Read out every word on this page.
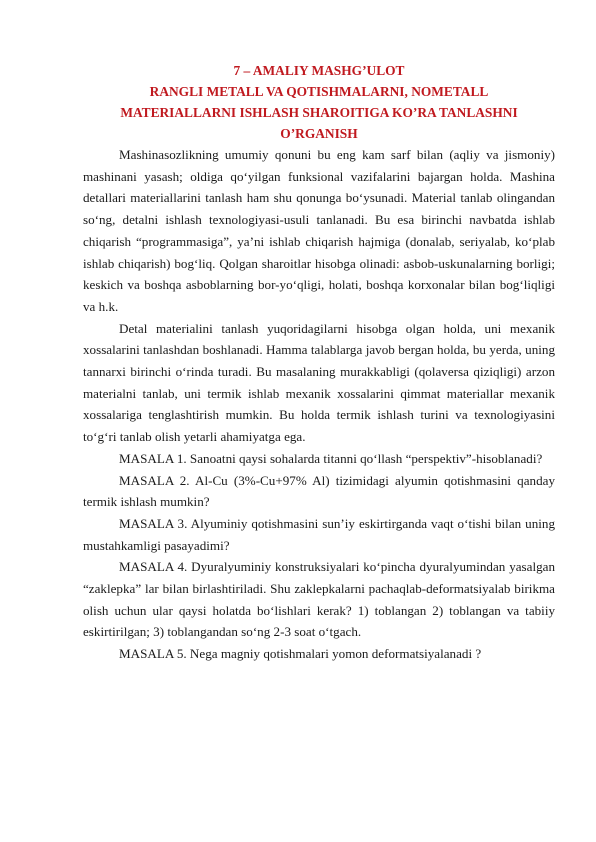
7 – AMALIY MASHG’ULOT
RANGLI METALL VA QOTISHMALARNI, NOMETALL
MATERIALLARNI ISHLASH SHAROITIGA KO’RA TANLASHNI
O’RGANISH

Mashinasozlikning umumiy qonuni bu eng kam sarf bilan (aqliy va jismoniy) mashinani yasash; oldiga qo‘yilgan funksional vazifalarini bajargan holda. Mashina detallari materiallarini tanlash ham shu qonunga bo‘ysunadi. Material tanlab olingandan so‘ng, detalni ishlash texnologiyasi-usuli tanlanadi. Bu esa birinchi navbatda ishlab chiqarish “programmasiga”, ya’ni ishlab chiqarish hajmiga (donalab, seriyalab, ko‘plab ishlab chiqarish) bog‘liq. Qolgan sharoitlar hisobga olinadi: asbob-uskunalarning borligi; keskich va boshqa asboblarning bor-yo‘qligi, holati, boshqa korxonalar bilan bog‘liqligi va h.k.

Detal materialini tanlash yuqoridagilarni hisobga olgan holda, uni mexanik xossalarini tanlashdan boshlanadi. Hamma talablarga javob bergan holda, bu yerda, uning tannarxi birinchi o‘rinda turadi. Bu masalaning murakkabligi (qolaversa qiziqligi) arzon materialni tanlab, uni termik ishlab mexanik xossalarini qimmat materiallar mexanik xossalariga tenglashtirish mumkin. Bu holda termik ishlash turini va texnologiyasini to‘g‘ri tanlab olish yetarli ahamiyatga ega.

MASALA 1. Sanoatni qaysi sohalarda titanni qo‘llash “perspektiv”-hisoblanadi?

MASALA 2. Al-Cu (3%-Cu+97% Al) tizimidagi alyumin qotishmasini qanday termik ishlash mumkin?

MASALA 3. Alyuminiy qotishmasini sun’iy eskirtirganda vaqt o‘tishi bilan uning mustahkamligi pasayadimi?

MASALA 4. Dyuralyuminiy konstruksiyalari ko‘pincha dyuralyumindan yasalgan “zaklepka” lar bilan birlashtiriladi. Shu zaklepkalarni pachaqlab-deformatsiyalab birikma olish uchun ular qaysi holatda bo‘lishlari kerak? 1) toblangan 2) toblangan va tabiiy eskirtirilgan; 3) toblangandan so‘ng 2-3 soat o‘tgach.

MASALA 5. Nega magniy qotishmalari yomon deformatsiyalanadi ?
